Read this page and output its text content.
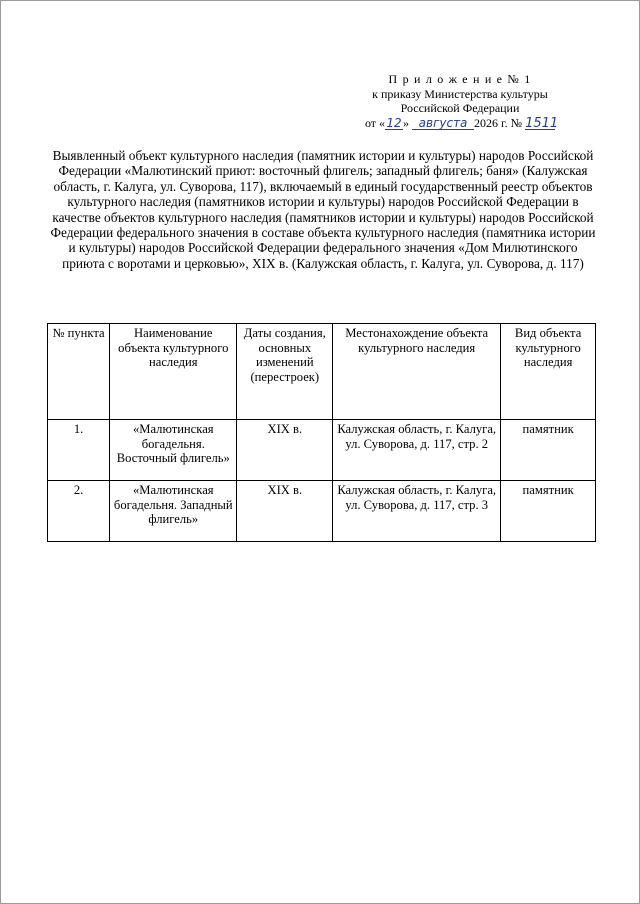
П р и л о ж е н и е № 1
к приказу Министерства культуры
Российской Федерации
от «12» августа 2026 г. № 1511
Выявленный объект культурного наследия (памятник истории и культуры) народов Российской Федерации «Малютинский приют: восточный флигель; западный флигель; баня» (Калужская область, г. Калуга, ул. Суворова, 117), включаемый в единый государственный реестр объектов культурного наследия (памятников истории и культуры) народов Российской Федерации в качестве объектов культурного наследия (памятников истории и культуры) народов Российской Федерации федерального значения в составе объекта культурного наследия (памятника истории и культуры) народов Российской Федерации федерального значения «Дом Милютинского приюта с воротами и церковью», XIX в. (Калужская область, г. Калуга, ул. Суворова, д. 117)
№ пункта	Наименование объекта культурного наследия	Даты создания, основных изменений (перестроек)	Местонахождение объекта культурного наследия	Вид объекта культурного наследия
1.	«Малютинская богадельня. Восточный флигель»	XIX в.	Калужская область, г. Калуга, ул. Суворова, д. 117, стр. 2	памятник
2.	«Малютинская богадельня. Западный флигель»	XIX в.	Калужская область, г. Калуга, ул. Суворова, д. 117, стр. 3	памятник
